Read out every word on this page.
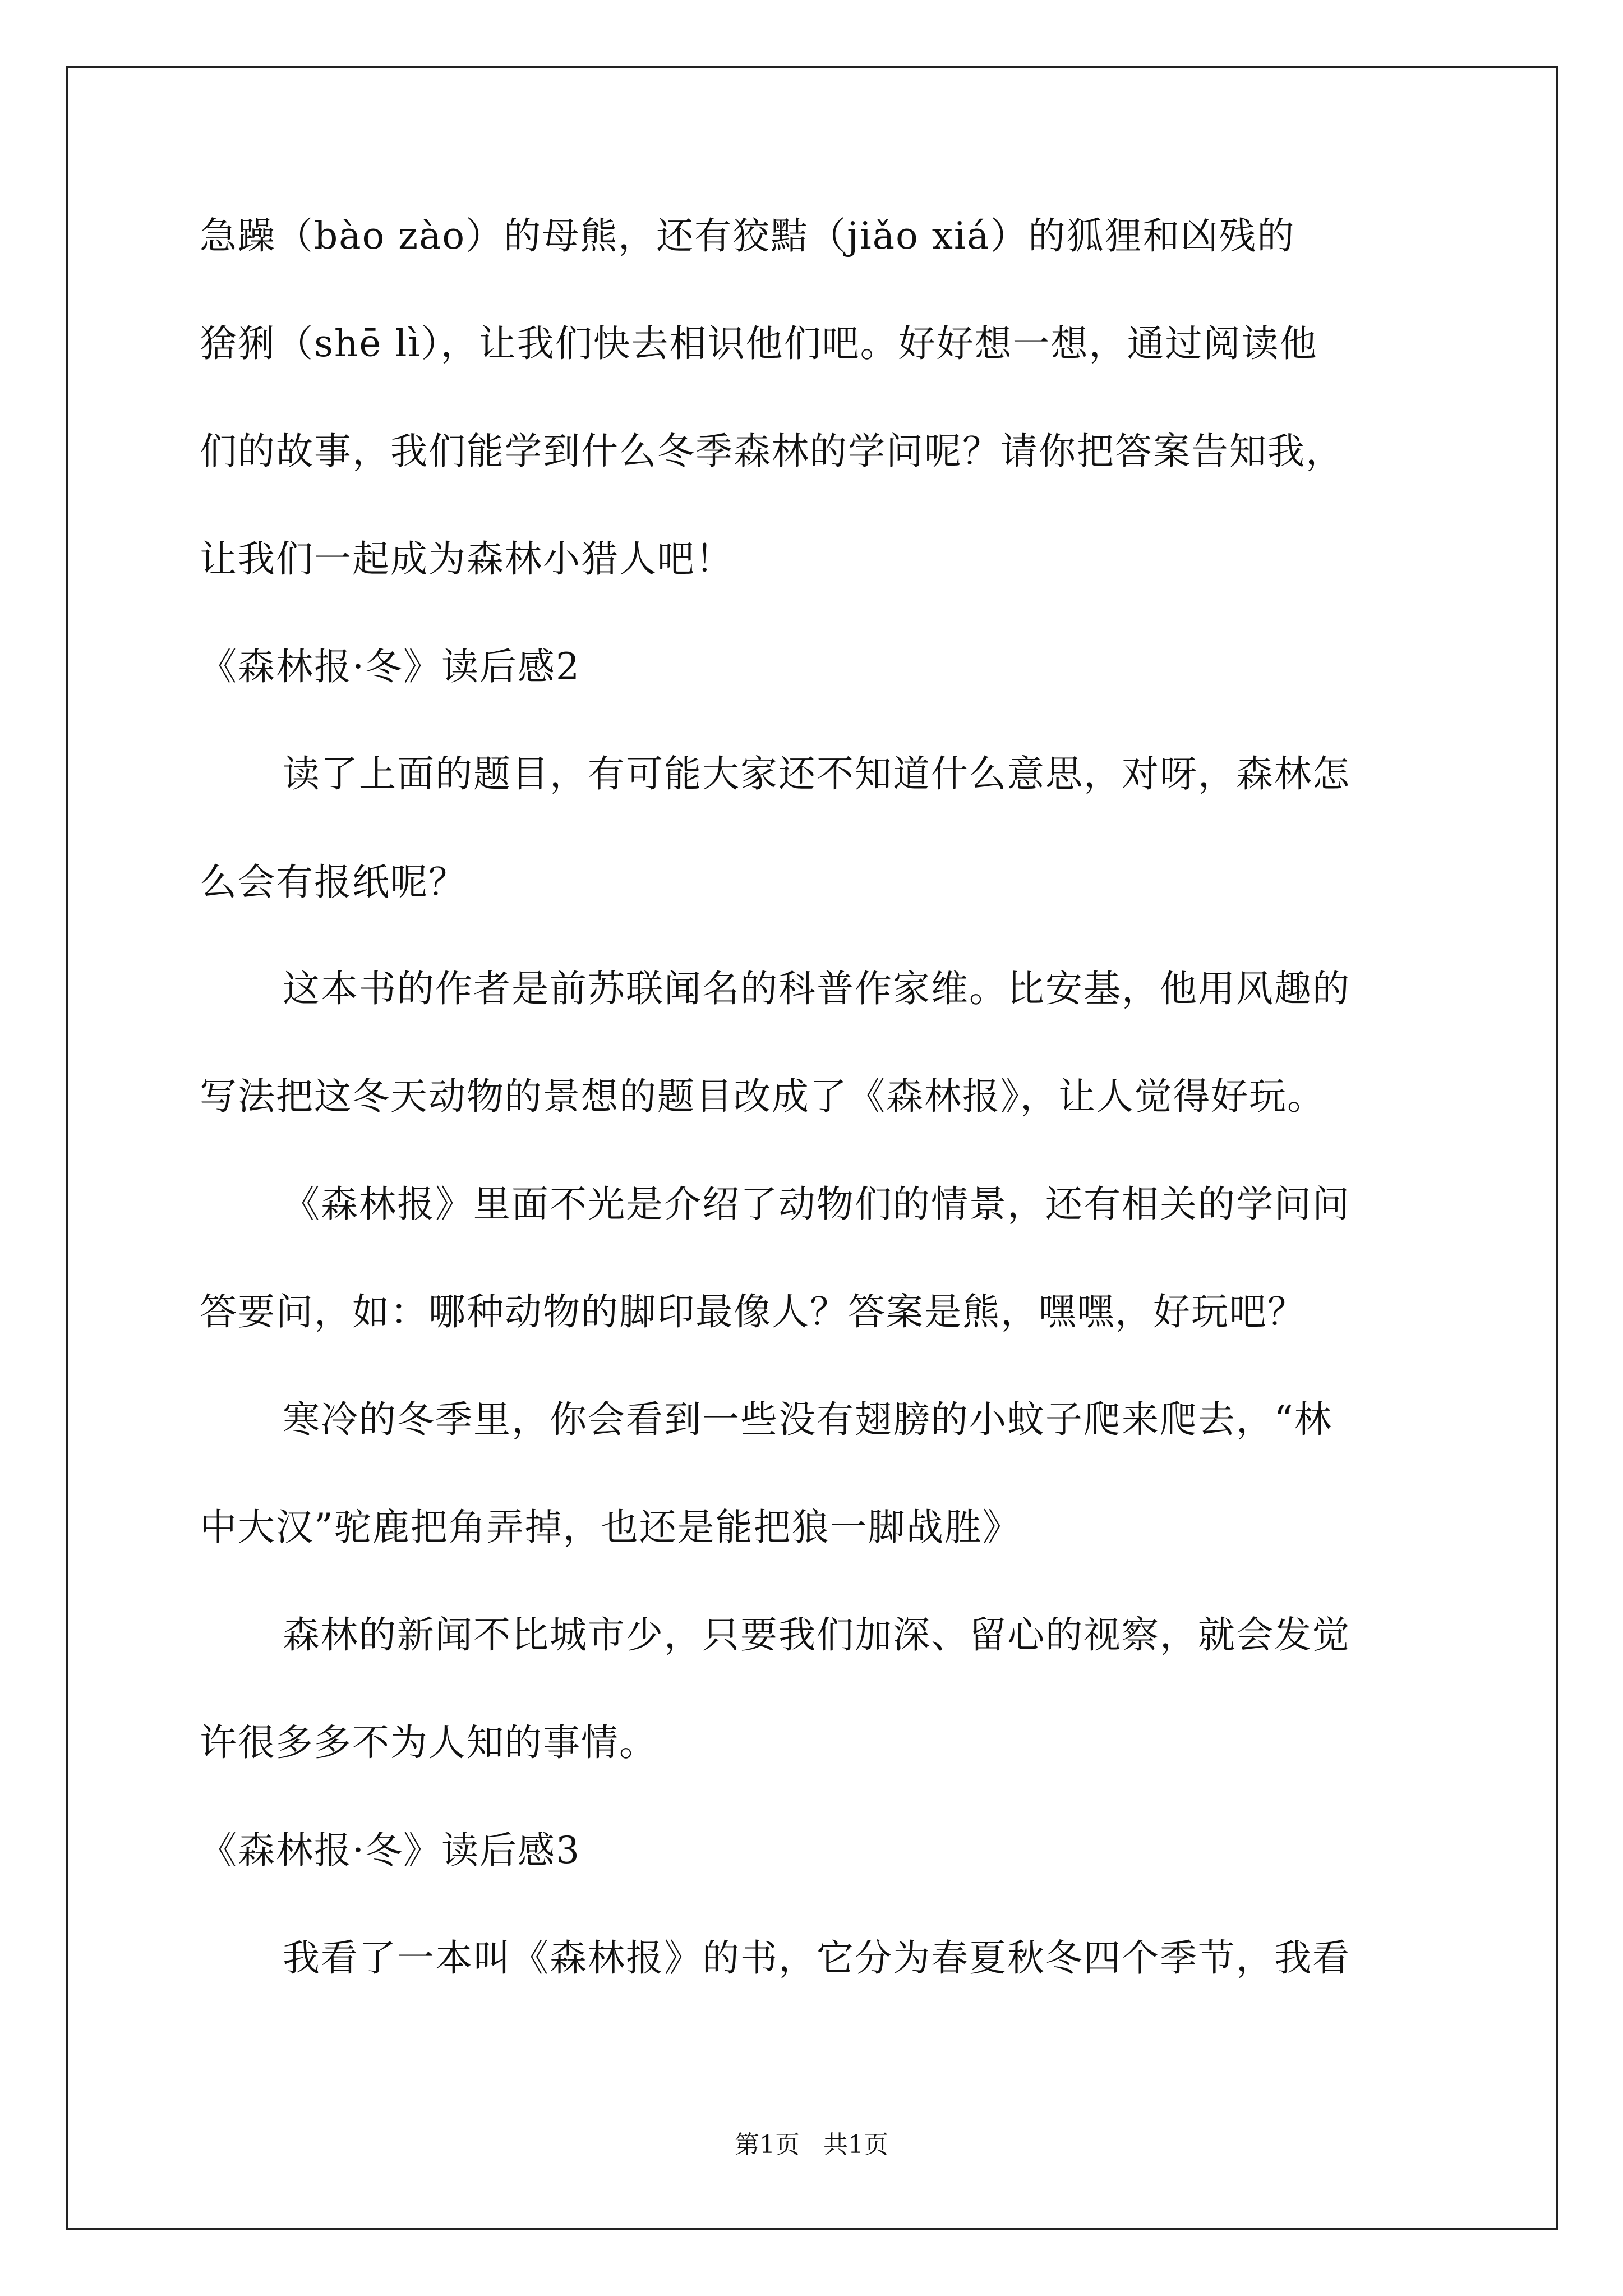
急躁（bào zào）的母熊，还有狡黠（jiǎo xiá）的狐狸和凶残的
猞猁（shē lì），让我们快去相识他们吧。好好想一想，通过阅读他
们的故事，我们能学到什么冬季森林的学问呢？请你把答案告知我，
让我们一起成为森林小猎人吧！
《森林报·冬》读后感2
读了上面的题目，有可能大家还不知道什么意思，对呀，森林怎
么会有报纸呢？
这本书的作者是前苏联闻名的科普作家维。比安基，他用风趣的
写法把这冬天动物的景想的题目改成了《森林报》，让人觉得好玩。
《森林报》里面不光是介绍了动物们的情景，还有相关的学问问
答要问，如：哪种动物的脚印最像人？答案是熊，嘿嘿，好玩吧？
寒冷的冬季里，你会看到一些没有翅膀的小蚊子爬来爬去，“林
中大汉”驼鹿把角弄掉，也还是能把狼一脚战胜》
森林的新闻不比城市少，只要我们加深、留心的视察，就会发觉
许很多多不为人知的事情。
《森林报·冬》读后感3
我看了一本叫《森林报》的书，它分为春夏秋冬四个季节，我看
第1页   共1页
